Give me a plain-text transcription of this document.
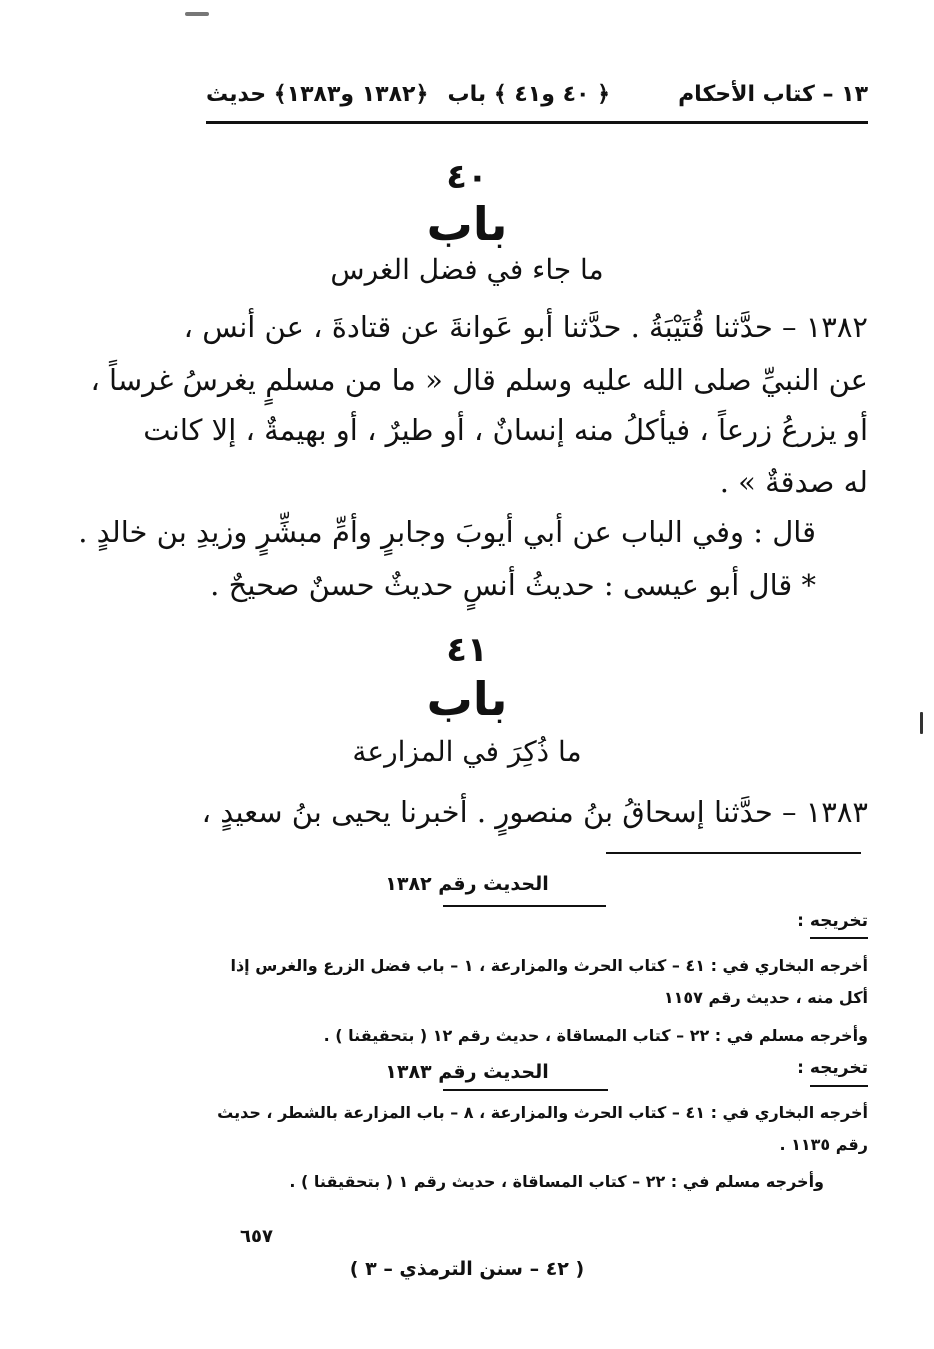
١٣ – كتاب الأحكام
﴿ ٤٠ و٤١ ﴾ باب
﴿١٣٨٢ و١٣٨٣﴾ حديث
٤٠
باب
ما جاء في فضل الغرس
١٣٨٢ – حدَّثنا قُتَيْبَةُ . حدَّثنا أبو عَوانةَ عن قتادةَ ، عن أنس ،
عن النبيِّ صلى الله عليه وسلم قال « ما من مسلمٍ يغرسُ غرساً ،
أو يزرعُ زرعاً ، فيأكلُ منه إنسانٌ ، أو طيرٌ ، أو بهيمةٌ ، إلا كانت
له صدقةٌ » .
قال : وفي الباب عن أبي أيوبَ وجابرٍ وأمِّ مبشِّرٍ وزيدِ بن خالدٍ .
* قال أبو عيسى : حديثُ أنسٍ حديثٌ حسنٌ صحيحٌ .
٤١
باب
ما ذُكِرَ في المزارعة
١٣٨٣ – حدَّثنا إسحاقُ بنُ منصورٍ . أخبرنا يحيى بنُ سعيدٍ ،
الحديث رقم ١٣٨٢
تخريجه :
أخرجه البخاري في : ٤١ – كتاب الحرث والمزارعة ، ١ – باب فضل الزرع والغرس إذا
أكل منه ، حديث رقم ١١٥٧
وأخرجه مسلم في : ٢٢ – كتاب المساقاة ، حديث رقم ١٢ ( بتحقيقنا ) .
الحديث رقم ١٣٨٣	تخريجه :
أخرجه البخاري في : ٤١ – كتاب الحرث والمزارعة ، ٨ – باب المزارعة بالشطر ، حديث
رقم ١١٣٥ .
وأخرجه مسلم في : ٢٢ – كتاب المساقاة ، حديث رقم ١ ( بتحقيقنا ) .
٦٥٧
( ٤٢ – سنن الترمذي – ٣ )
